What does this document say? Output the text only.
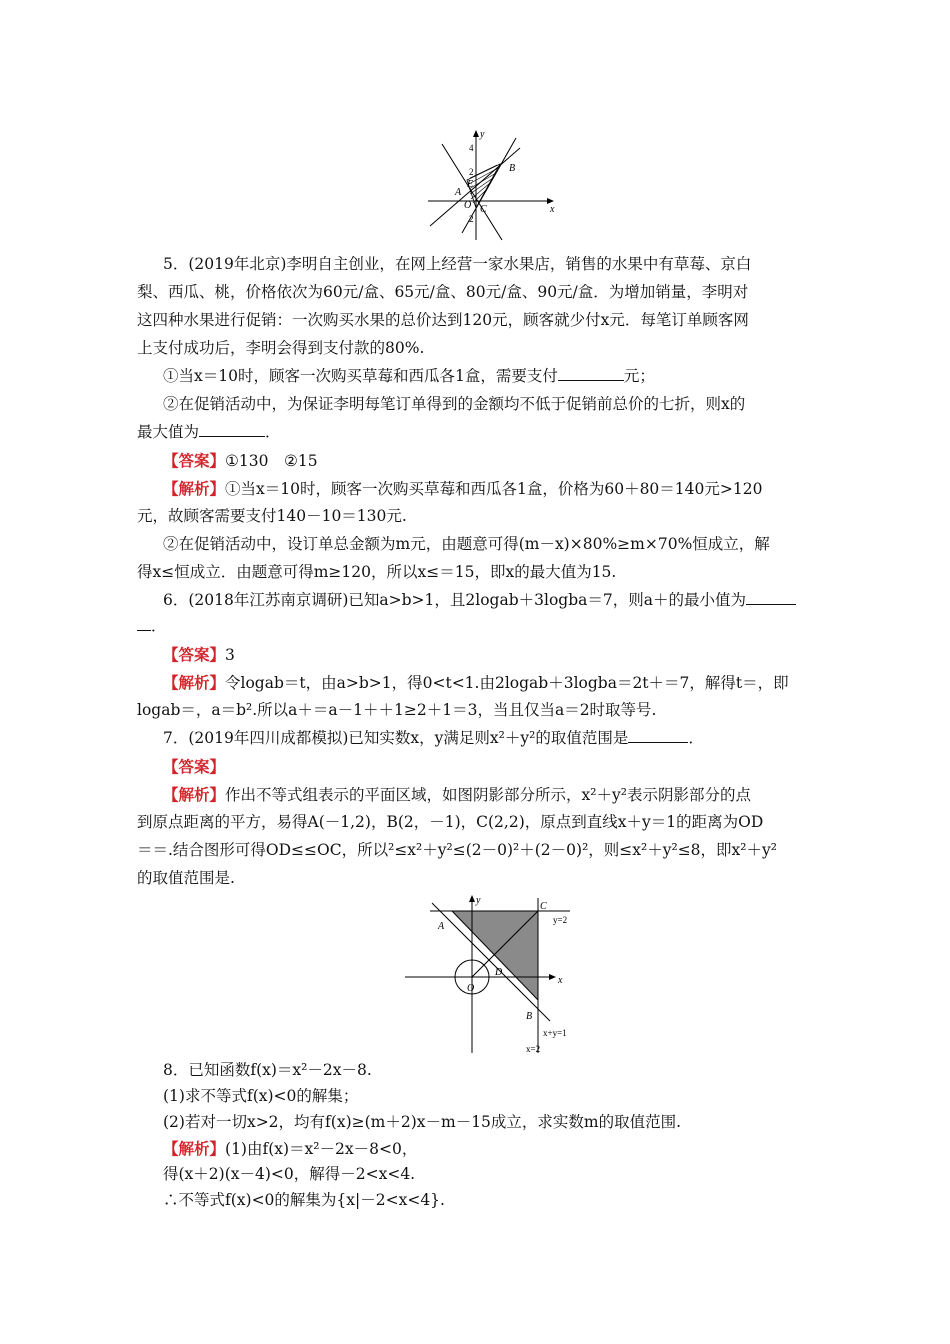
y
x
4
2
2
A
B
C
E
O
5．(2019年北京)李明自主创业，在网上经营一家水果店，销售的水果中有草莓、京白
梨、西瓜、桃，价格依次为60元/盒、65元/盒、80元/盒、90元/盒．为增加销量，李明对
这四种水果进行促销：一次购买水果的总价达到120元，顾客就少付x元．每笔订单顾客网
上支付成功后，李明会得到支付款的80%.
①当x＝10时，顾客一次购买草莓和西瓜各1盒，需要支付	元；
②在促销活动中，为保证李明每笔订单得到的金额均不低于促销前总价的七折，则x的
最大值为	．
【答案】①130　②15
【解析】①当x＝10时，顾客一次购买草莓和西瓜各1盒，价格为60＋80＝140元>120
元，故顾客需要支付140－10＝130元.
②在促销活动中，设订单总金额为m元，由题意可得(m－x)×80%≥m×70%恒成立，解
得x≤恒成立．由题意可得m≥120，所以x≤＝15，即x的最大值为15.
6．(2018年江苏南京调研)已知a>b>1，且2logab＋3logba＝7，则a＋的最小值为
．
【答案】3
【解析】令logab＝t，由a>b>1，得0<t<1.由2logab＋3logba＝2t＋＝7，解得t＝，即
logab＝，a＝b².所以a＋＝a－1＋＋1≥2＋1＝3，当且仅当a＝2时取等号.
7．(2019年四川成都模拟)已知实数x，y满足则x²＋y²的取值范围是	．
【答案】
【解析】作出不等式组表示的平面区域，如图阴影部分所示，x²＋y²表示阴影部分的点
到原点距离的平方，易得A(－1,2)，B(2，－1)，C(2,2)，原点到直线x＋y＝1的距离为OD
＝＝.结合图形可得OD≤≤OC，所以²≤x²＋y²≤(2－0)²＋(2－0)²，则≤x²＋y²≤8，即x²＋y²
的取值范围是.
y
x
A
C
y=2
D
O
B
x+y=1
x=2
8．已知函数f(x)＝x²－2x－8.
(1)求不等式f(x)<0的解集；
(2)若对一切x>2，均有f(x)≥(m＋2)x－m－15成立，求实数m的取值范围.
【解析】(1)由f(x)＝x²－2x－8<0，
得(x＋2)(x－4)<0，解得－2<x<4.
∴不等式f(x)<0的解集为{x|－2<x<4}.
